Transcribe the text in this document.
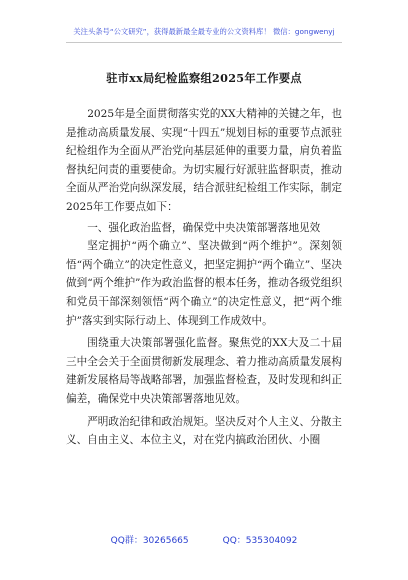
关注头条号“公文研究”，获得最新最全最专业的公文资料库！ 微信：gongwenyj
驻市xx局纪检监察组2025年工作要点

2025年是全面贯彻落实党的XX大精神的关键之年，也是推动高质量发展、实现“十四五”规划目标的重要节点派驻纪检组作为全面从严治党向基层延伸的重要力量，肩负着监督执纪问责的重要使命。为切实履行好派驻监督职责，推动全面从严治党向纵深发展，结合派驻纪检组工作实际，制定2025年工作要点如下：

一、强化政治监督，确保党中央决策部署落地见效

坚定拥护“两个确立”、坚决做到“两个维护”。深刻领悟“两个确立”的决定性意义，把坚定拥护“两个确立”、坚决做到“两个维护”作为政治监督的根本任务，推动各级党组织和党员干部深刻领悟“两个确立”的决定性意义，把“两个维护”落实到实际行动上、体现到工作成效中。

围绕重大决策部署强化监督。聚焦党的XX大及二十届三中全会关于全面贯彻新发展理念、着力推动高质量发展构建新发展格局等战略部署，加强监督检查，及时发现和纠正偏差，确保党中央决策部署落地见效。

严明政治纪律和政治规矩。坚决反对个人主义、分散主义、自由主义、本位主义，对在党内搞政治团伙、小圈

QQ群：30265665	QQ：535304092
